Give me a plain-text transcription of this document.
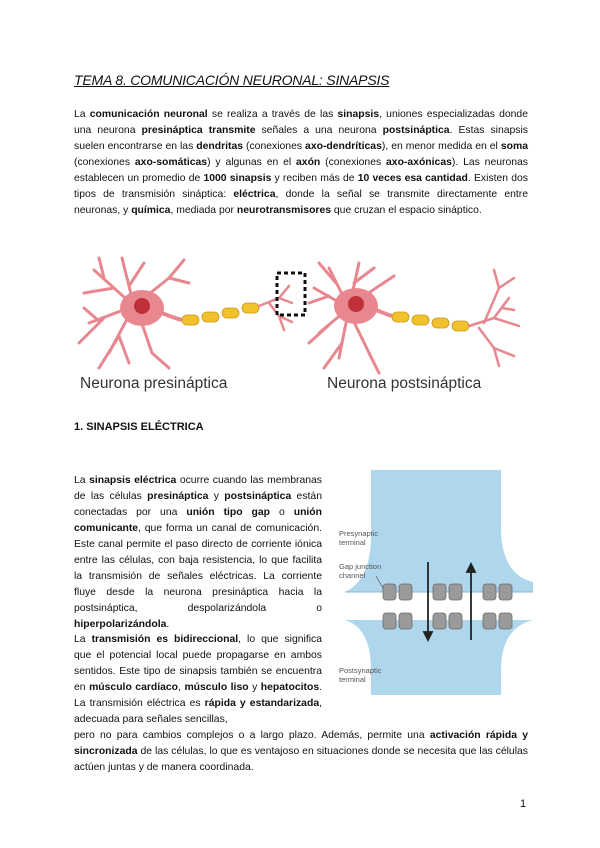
TEMA 8. COMUNICACIÓN NEURONAL: SINAPSIS
La comunicación neuronal se realiza a través de las sinapsis, uniones especializadas donde una neurona presináptica transmite señales a una neurona postsináptica. Estas sinapsis suelen encontrarse en las dendritas (conexiones axo-dendríticas), en menor medida en el soma (conexiones axo-somáticas) y algunas en el axón (conexiones axo-axónicas). Las neuronas establecen un promedio de 1000 sinapsis y reciben más de 10 veces esa cantidad. Existen dos tipos de transmisión sináptica: eléctrica, donde la señal se transmite directamente entre neuronas, y química, mediada por neurotransmisores que cruzan el espacio sináptico.
Neurona presináptica	Neurona postsináptica
1. SINAPSIS ELÉCTRICA
La sinapsis eléctrica ocurre cuando las membranas de las células presináptica y postsináptica están conectadas por una unión tipo gap o unión comunicante, que forma un canal de comunicación. Este canal permite el paso directo de corriente iónica entre las células, con baja resistencia, lo que facilita la transmisión de señales eléctricas. La corriente fluye desde la neurona presináptica hacia la postsináptica, despolarizándola o hiperpolarizándola.
Presynaptic
terminal
Gap junction
channel
Postsynaptic
terminal
La transmisión es bidireccional, lo que significa que el potencial local puede propagarse en ambos sentidos. Este tipo de sinapsis también se encuentra en músculo cardíaco, músculo liso y hepatocitos. La transmisión eléctrica es rápida y estandarizada, adecuada para señales sencillas,
pero no para cambios complejos o a largo plazo. Además, permite una activación rápida y sincronizada de las células, lo que es ventajoso en situaciones donde se necesita que las células actúen juntas y de manera coordinada.
1
